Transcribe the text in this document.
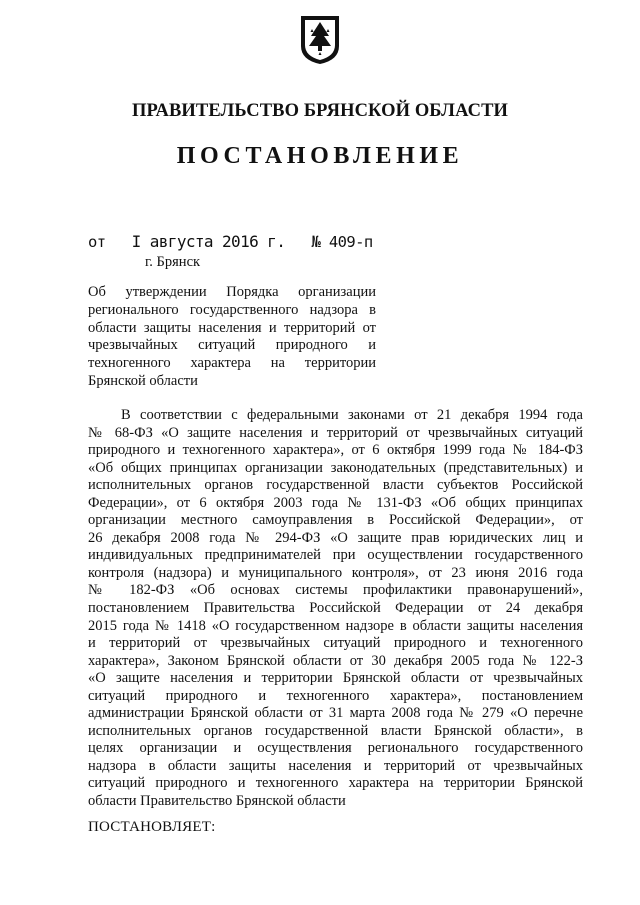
ПРАВИТЕЛЬСТВО БРЯНСКОЙ ОБЛАСТИ
ПОСТАНОВЛЕНИЕ
от I августа 2016 г. № 409-п
г. Брянск
Об утверждении Порядка организации
регионального государственного надзора в
области защиты населения и территорий от
чрезвычайных ситуаций природного и
техногенного характера на территории
Брянской области
В соответствии с федеральными законами от 21 декабря 1994 года
№ 68-ФЗ «О защите населения и территорий от чрезвычайных ситуаций
природного и техногенного характера», от 6 октября 1999 года № 184-ФЗ
«Об общих принципах организации законодательных (представительных) и
исполнительных органов государственной власти субъектов Российской
Федерации», от 6 октября 2003 года № 131-ФЗ «Об общих принципах
организации местного самоуправления в Российской Федерации», от
26 декабря 2008 года № 294-ФЗ «О защите прав юридических лиц и
индивидуальных предпринимателей при осуществлении государственного
контроля (надзора) и муниципального контроля», от 23 июня 2016 года
№ 182-ФЗ «Об основах системы профилактики правонарушений»,
постановлением Правительства Российской Федерации от 24 декабря
2015 года № 1418 «О государственном надзоре в области защиты населения
и территорий от чрезвычайных ситуаций природного и техногенного
характера», Законом Брянской области от 30 декабря 2005 года № 122-З
«О защите населения и территории Брянской области от чрезвычайных
ситуаций природного и техногенного характера», постановлением
администрации Брянской области от 31 марта 2008 года № 279 «О перечне
исполнительных органов государственной власти Брянской области», в
целях организации и осуществления регионального государственного
надзора в области защиты населения и территорий от чрезвычайных
ситуаций природного и техногенного характера на территории Брянской
области Правительство Брянской области
ПОСТАНОВЛЯЕТ:
